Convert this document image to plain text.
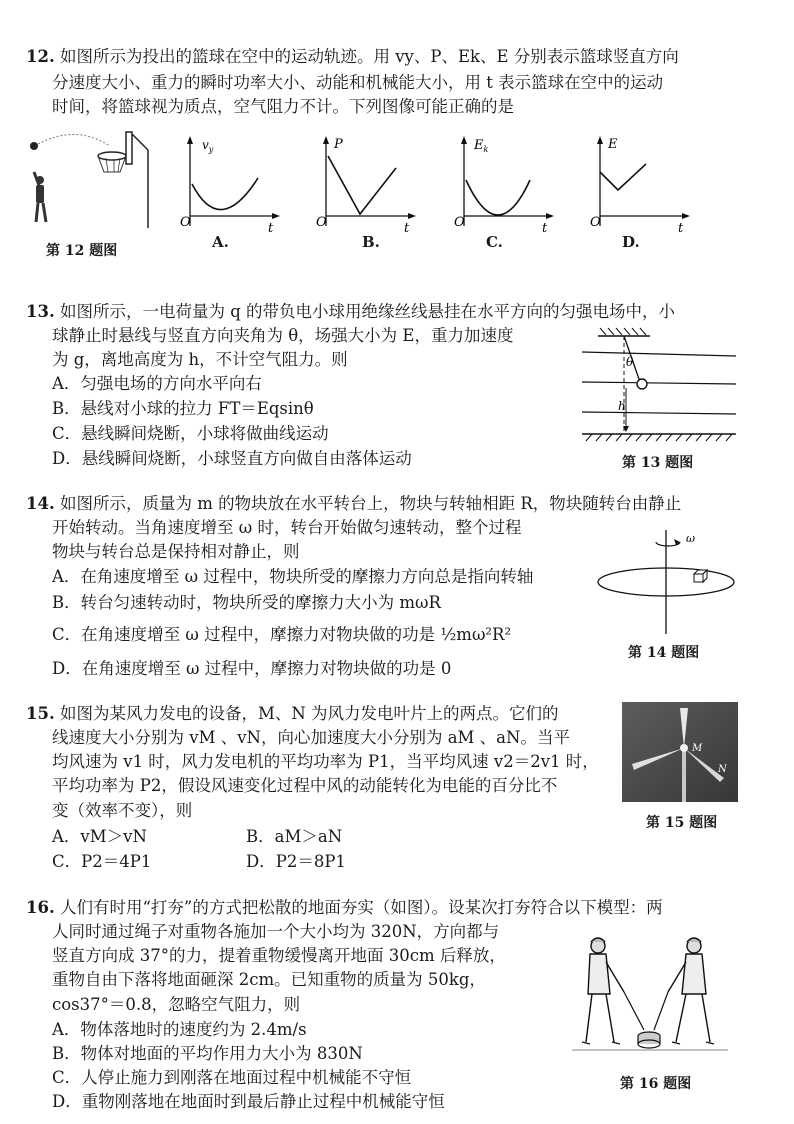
12. 如图所示为投出的篮球在空中的运动轨迹。用 vy、P、Ek、E 分别表示篮球竖直方向
分速度大小、重力的瞬时功率大小、动能和机械能大小，用 t 表示篮球在空中的运动
时间，将篮球视为质点，空气阻力不计。下列图像可能正确的是
第 12 题图
$v_y$
O	t
A.
P
O	t
B.
$E_k$
O	t
C.
E
O	t
D.
13. 如图所示，一电荷量为 q 的带负电小球用绝缘丝线悬挂在水平方向的匀强电场中，小
球静止时悬线与竖直方向夹角为 θ，场强大小为 E，重力加速度
为 g，离地高度为 h，不计空气阻力。则
A．匀强电场的方向水平向右
B．悬线对小球的拉力 FT＝Eqsinθ
C．悬线瞬间烧断，小球将做曲线运动
D．悬线瞬间烧断，小球竖直方向做自由落体运动
θ
h
第 13 题图
14. 如图所示，质量为 m 的物块放在水平转台上，物块与转轴相距 R，物块随转台由静止
开始转动。当角速度增至 ω 时，转台开始做匀速转动，整个过程
物块与转台总是保持相对静止，则
A．在角速度增至 ω 过程中，物块所受的摩擦力方向总是指向转轴
B．转台匀速转动时，物块所受的摩擦力大小为 mωR
C．在角速度增至 ω 过程中，摩擦力对物块做的功是 ½mω²R²
D．在角速度增至 ω 过程中，摩擦力对物块做的功是 0
ω
第 14 题图
15. 如图为某风力发电的设备，M、N 为风力发电叶片上的两点。它们的
线速度大小分别为 vM 、vN，向心加速度大小分别为 aM 、aN。当平
均风速为 v1 时，风力发电机的平均功率为 P1，当平均风速 v2＝2v1 时，
平均功率为 P2，假设风速变化过程中风的动能转化为电能的百分比不
变（效率不变），则
A．vM＞vN	B．aM＞aN
C．P2＝4P1	D．P2＝8P1
M
N
第 15 题图
16. 人们有时用“打夯”的方式把松散的地面夯实（如图）。设某次打夯符合以下模型：两
人同时通过绳子对重物各施加一个大小均为 320N，方向都与
竖直方向成 37°的力，提着重物缓慢离开地面 30cm 后释放，
重物自由下落将地面砸深 2cm。已知重物的质量为 50kg，
cos37°＝0.8，忽略空气阻力，则
A．物体落地时的速度约为 2.4m/s
B．物体对地面的平均作用力大小为 830N
C．人停止施力到刚落在地面过程中机械能不守恒
D．重物刚落地在地面时到最后静止过程中机械能守恒
第 16 题图
